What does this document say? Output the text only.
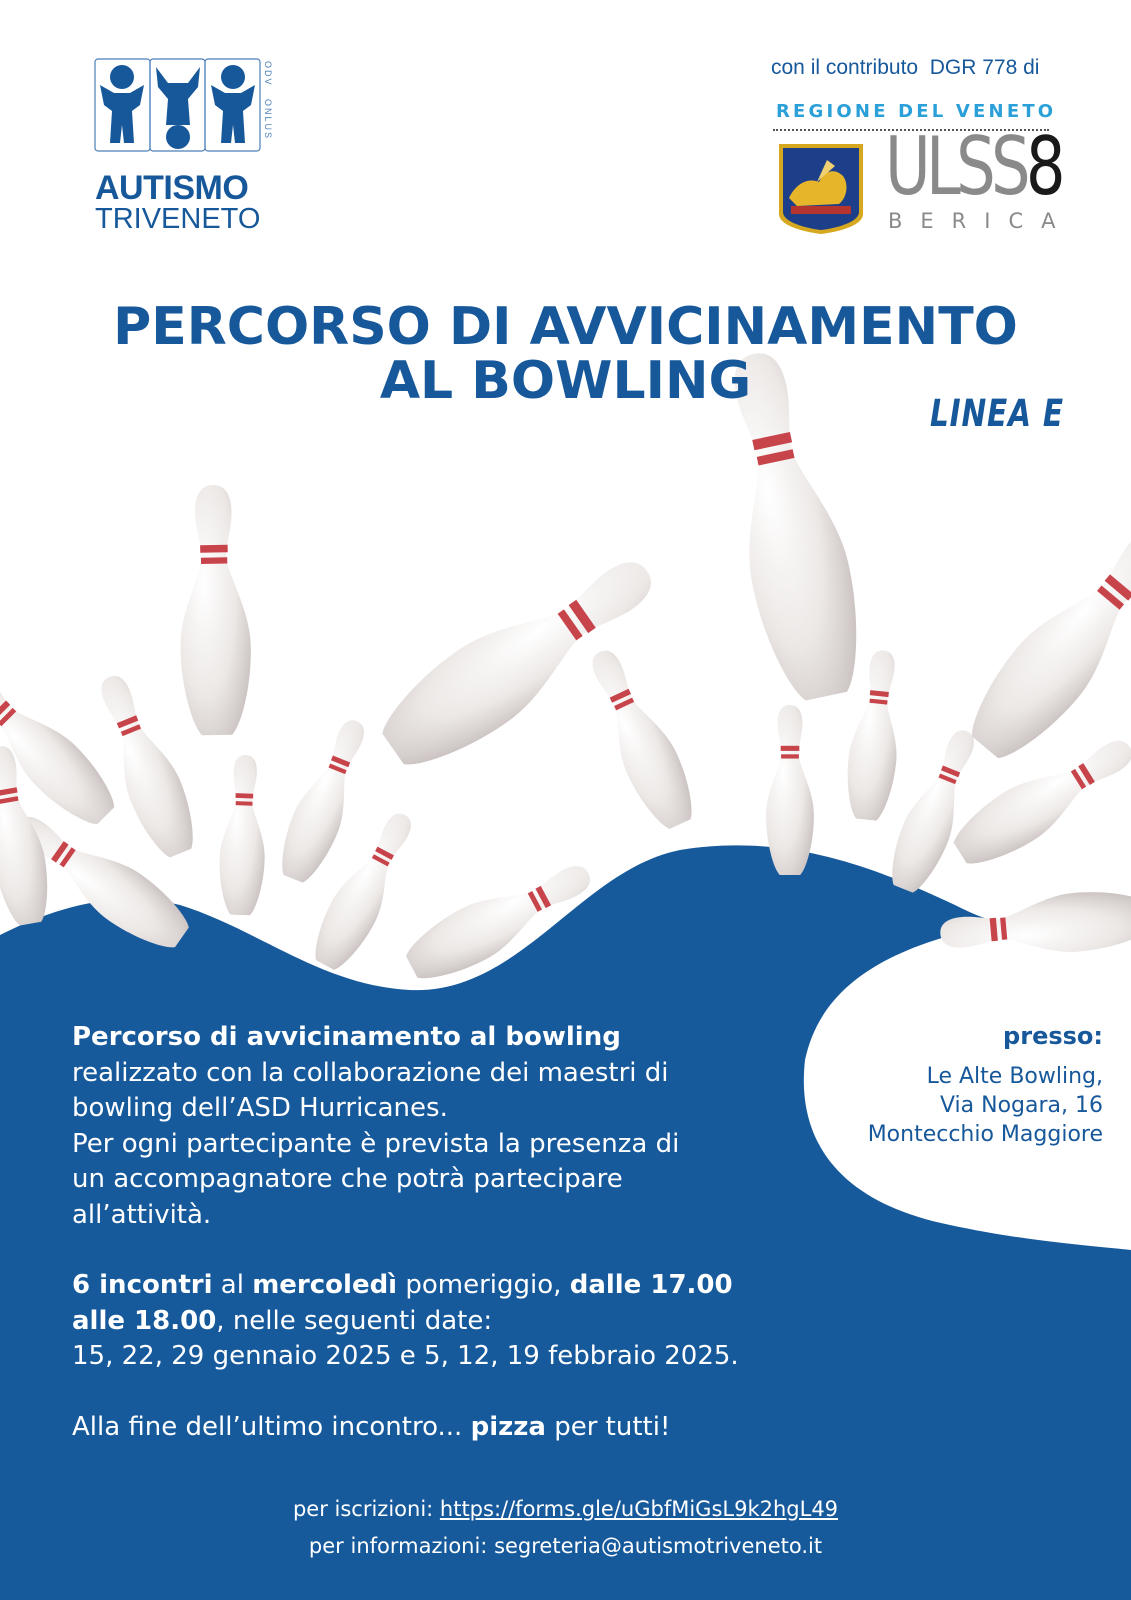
ODV
ONLUS
AUTISMO
TRIVENETO
con il contributo  DGR 778 di
REGIONE DEL VENETO
ULSS8
BERICA
PERCORSO DI AVVICINAMENTO
AL BOWLING
LINEA E

Percorso di avvicinamento al bowling

realizzato con la collaborazione dei maestri di

bowling dell’ASD Hurricanes.

Per ogni partecipante è prevista la presenza di

un accompagnatore che potrà partecipare

all’attività.

6 incontri al mercoledì pomeriggio, dalle 17.00

alle 18.00, nelle seguenti date:

15, 22, 29 gennaio 2025 e 5, 12, 19 febbraio 2025.

Alla fine dell’ultimo incontro... pizza per tutti!

presso:
Le Alte Bowling,
Via Nogara, 16
Montecchio Maggiore
per iscrizioni: https://forms.gle/uGbfMiGsL9k2hgL49
per informazioni: segreteria@autismotriveneto.it
